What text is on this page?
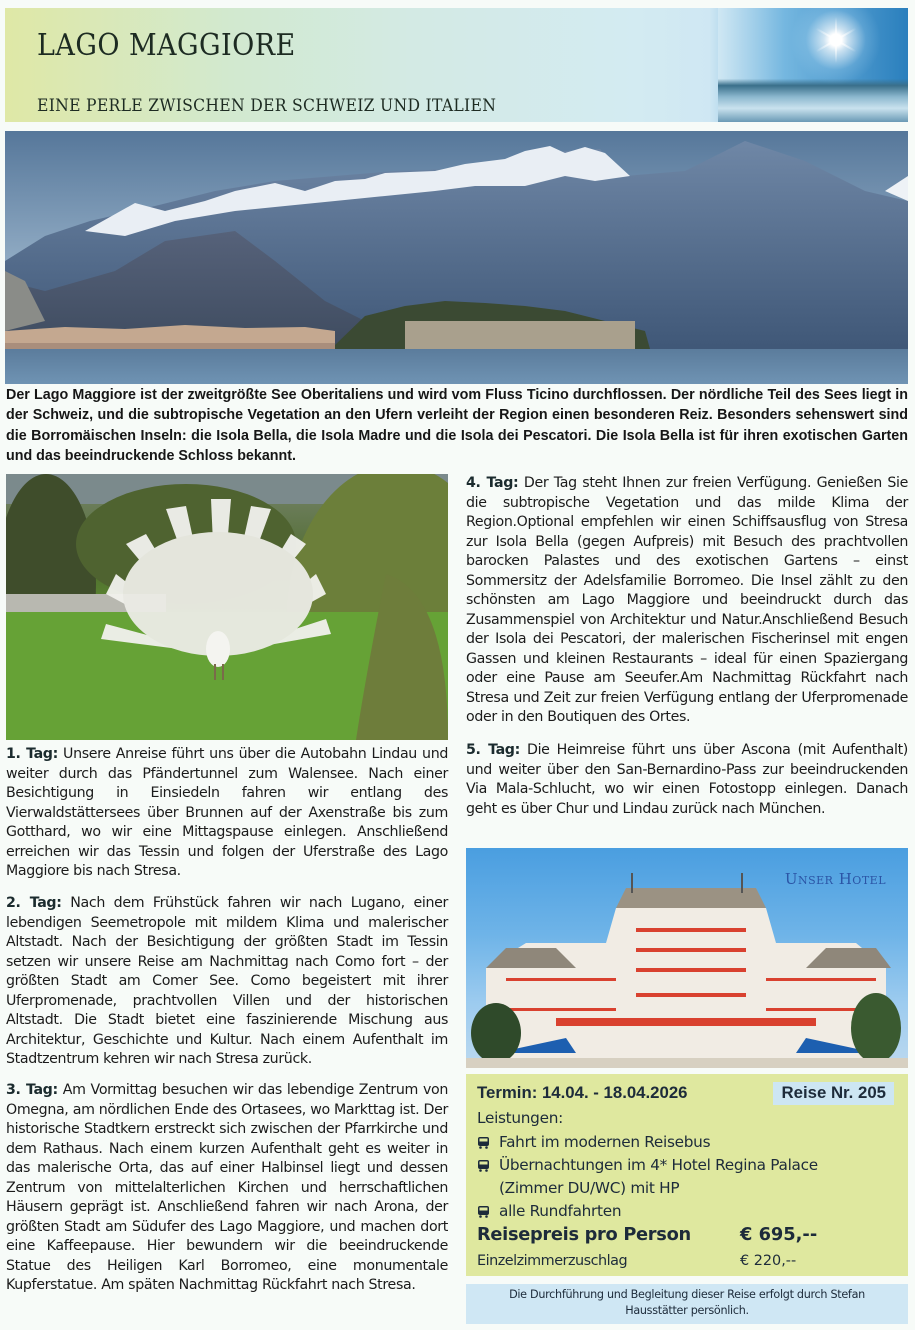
LAGO MAGGIORE
EINE PERLE ZWISCHEN DER SCHWEIZ UND ITALIEN
Der Lago Maggiore ist der zweitgrößte See Oberitaliens und wird vom Fluss Ticino durchflossen. Der nördliche Teil des Sees liegt in der Schweiz, und die subtropische Vegetation an den Ufern verleiht der Region einen besonderen Reiz. Besonders sehenswert sind die Borromäischen Inseln: die Isola Bella, die Isola Madre und die Isola dei Pescatori. Die Isola Bella ist für ihren exotischen Garten und das beeindruckende Schloss bekannt.
1. Tag: Unsere Anreise führt uns über die Autobahn Lindau und weiter durch das Pfändertunnel zum Walensee. Nach einer Besichtigung in Einsiedeln fahren wir entlang des Vierwaldstättersees über Brunnen auf der Axenstraße bis zum Gotthard, wo wir eine Mittagspause einlegen. Anschließend erreichen wir das Tessin und folgen der Uferstraße des Lago Maggiore bis nach Stresa.
2. Tag: Nach dem Frühstück fahren wir nach Lugano, einer lebendigen Seemetropole mit mildem Klima und malerischer Altstadt. Nach der Besichtigung der größten Stadt im Tessin setzen wir unsere Reise am Nachmittag nach Como fort – der größten Stadt am Comer See. Como begeistert mit ihrer Uferpromenade, prachtvollen Villen und der historischen Altstadt. Die Stadt bietet eine faszinierende Mischung aus Architektur, Geschichte und Kultur. Nach einem Aufenthalt im Stadtzentrum kehren wir nach Stresa zurück.
3. Tag: Am Vormittag besuchen wir das lebendige Zentrum von Omegna, am nördlichen Ende des Ortasees, wo Markttag ist. Der historische Stadtkern erstreckt sich zwischen der Pfarrkirche und dem Rathaus. Nach einem kurzen Aufenthalt geht es weiter in das malerische Orta, das auf einer Halbinsel liegt und dessen Zentrum von mittelalterlichen Kirchen und herrschaftlichen Häusern geprägt ist. Anschließend fahren wir nach Arona, der größten Stadt am Südufer des Lago Maggiore, und machen dort eine Kaffeepause. Hier bewundern wir die beeindruckende Statue des Heiligen Karl Borromeo, eine monumentale Kupferstatue. Am späten Nachmittag Rückfahrt nach Stresa.
4. Tag: Der Tag steht Ihnen zur freien Verfügung. Genießen Sie die subtropische Vegetation und das milde Klima der Region.Optional empfehlen wir einen Schiffsausflug von Stresa zur Isola Bella (gegen Aufpreis) mit Besuch des prachtvollen barocken Palastes und des exotischen Gartens – einst Sommersitz der Adelsfamilie Borromeo. Die Insel zählt zu den schönsten am Lago Maggiore und beeindruckt durch das Zusammenspiel von Architektur und Natur.Anschließend Besuch der Isola dei Pescatori, der malerischen Fischerinsel mit engen Gassen und kleinen Restaurants – ideal für einen Spaziergang oder eine Pause am Seeufer.Am Nachmittag Rückfahrt nach Stresa und Zeit zur freien Verfügung entlang der Uferpromenade oder in den Boutiquen des Ortes.
5. Tag: Die Heimreise führt uns über Ascona (mit Aufenthalt) und weiter über den San-Bernardino-Pass zur beeindruckenden Via Mala-Schlucht, wo wir einen Fotostopp einlegen. Danach geht es über Chur und Lindau zurück nach München.
Unser Hotel
Termin: 14.04. - 18.04.2026	Reise Nr. 205
Leistungen:
Fahrt im modernen Reisebus
Übernachtungen im 4* Hotel Regina Palace
(Zimmer DU/WC) mit HP
alle Rundfahrten
Reisepreis pro Person	€ 695,--
Einzelzimmerzuschlag	€ 220,--
Die Durchführung und Begleitung dieser Reise erfolgt durch Stefan Hausstätter persönlich.
